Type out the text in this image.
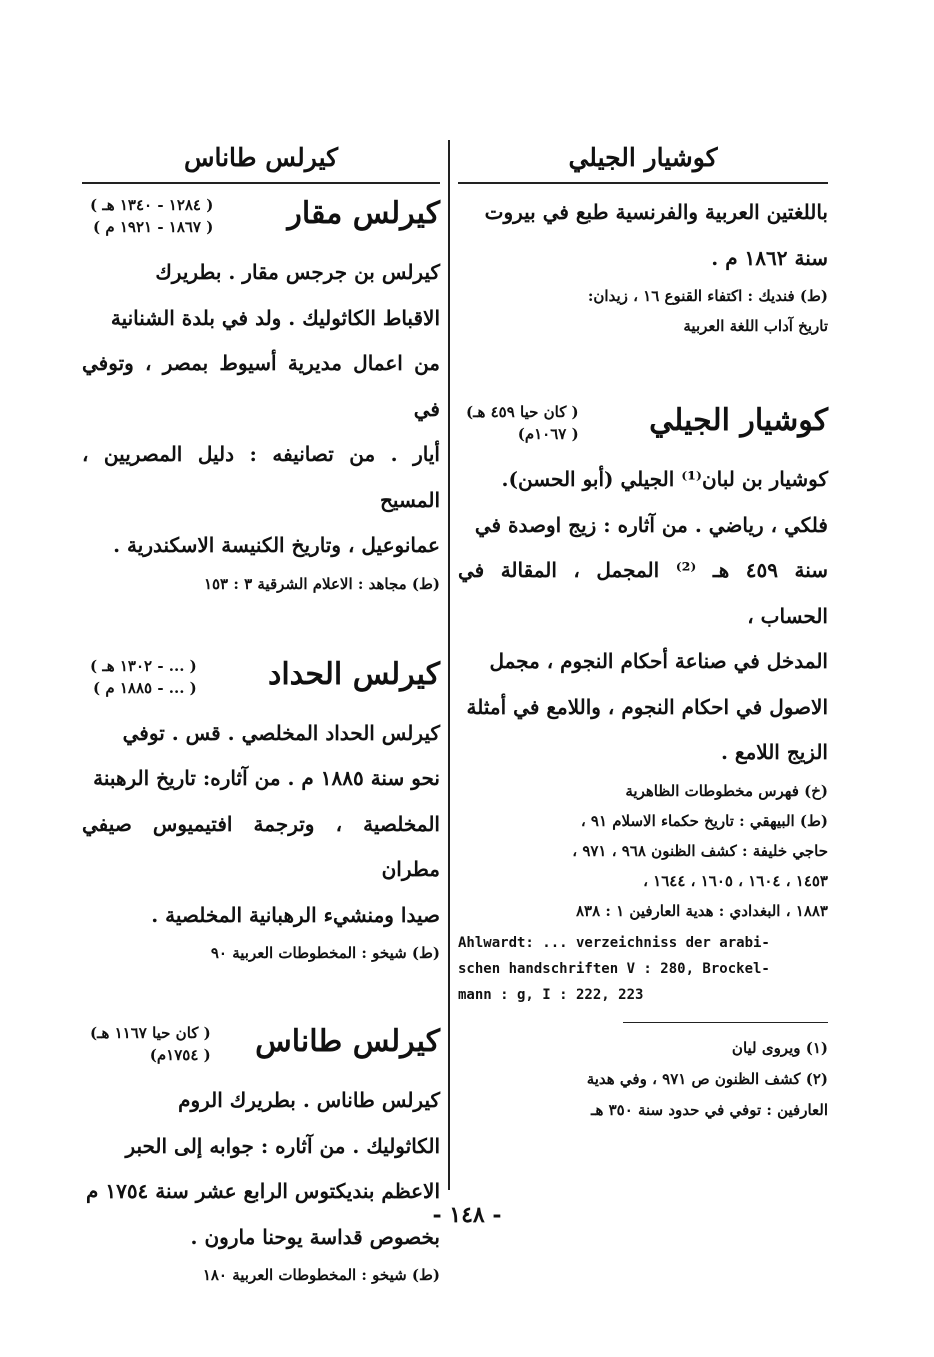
كوشيار الجيلي
باللغتين العربية والفرنسية طبع في بيروت
سنة ١٨٦٢ م .
(ط) فنديك : اكتفاء القنوع ١٦ ، زيدان:
تاريخ آداب اللغة العربية
كوشيار الجيلي
( كان حيا ٤٥٩ هـ)
( ١٠٦٧م)
كوشيار بن لبان⁽¹⁾ الجيلي (أبو الحسن).
فلكي ، رياضي . من آثاره : زيج اوصدة في
سنة ٤٥٩ هـ ⁽²⁾ المجمل ، المقالة في الحساب ،
المدخل في صناعة أحكام النجوم ، مجمل
الاصول في احكام النجوم ، واللامع في أمثلة
الزيج اللامع .
(خ) فهرس مخطوطات الظاهرية
(ط) البيهقي : تاريخ حكماء الاسلام ٩١ ،
حاجي خليفة : كشف الظنون ٩٦٨ ، ٩٧١ ،
١٤٥٣ ، ١٦٠٤ ، ١٦٠٥ ، ١٦٤٤ ،
١٨٨٣ ، البغدادي : هدية العارفين ١ : ٨٣٨
Ahlwardt: ... verzeichniss der arabi-
schen handschriften V : 280, Brockel-
mann : g, I : 222, 223
(١) ويروى ليان
(٢) كشف الظنون ص ٩٧١ ، وفي هدية
العارفين : توفي في حدود سنة ٣٥٠ هـ
كيرلس طاناس
كيرلس مقار
( ١٢٨٤ - ١٣٤٠ هـ )
( ١٨٦٧ - ١٩٢١ م )
كيرلس بن جرجس مقار . بطريرك
الاقباط الكاثوليك . ولد في بلدة الشنانية
من اعمال مديرية أسيوط بمصر ، وتوفي في
أيار . من تصانيفه : دليل المصريين ، المسيح
عمانوعيل ، وتاريخ الكنيسة الاسكندرية .
(ط) مجاهد : الاعلام الشرقية ٣ : ١٥٣
كيرلس الحداد
( ... - ١٣٠٢ هـ )
( ... - ١٨٨٥ م )
كيرلس الحداد المخلصي . قس . توفي
نحو سنة ١٨٨٥ م . من آثاره: تاريخ الرهبنة
المخلصية ، وترجمة افتيميوس صيفي مطران
صيدا ومنشيء الرهبانية المخلصية .
(ط) شيخو : المخطوطات العربية ٩٠
كيرلس طاناس
( كان حيا ١١٦٧ هـ)
( ١٧٥٤م)
كيرلس طاناس . بطريرك الروم
الكاثوليك . من آثاره : جوابه إلى الحبر
الاعظم بنديكتوس الرابع عشر سنة ١٧٥٤ م
بخصوص قداسة يوحنا مارون .
(ط) شيخو : المخطوطات العربية ١٨٠
- ١٤٨ -
